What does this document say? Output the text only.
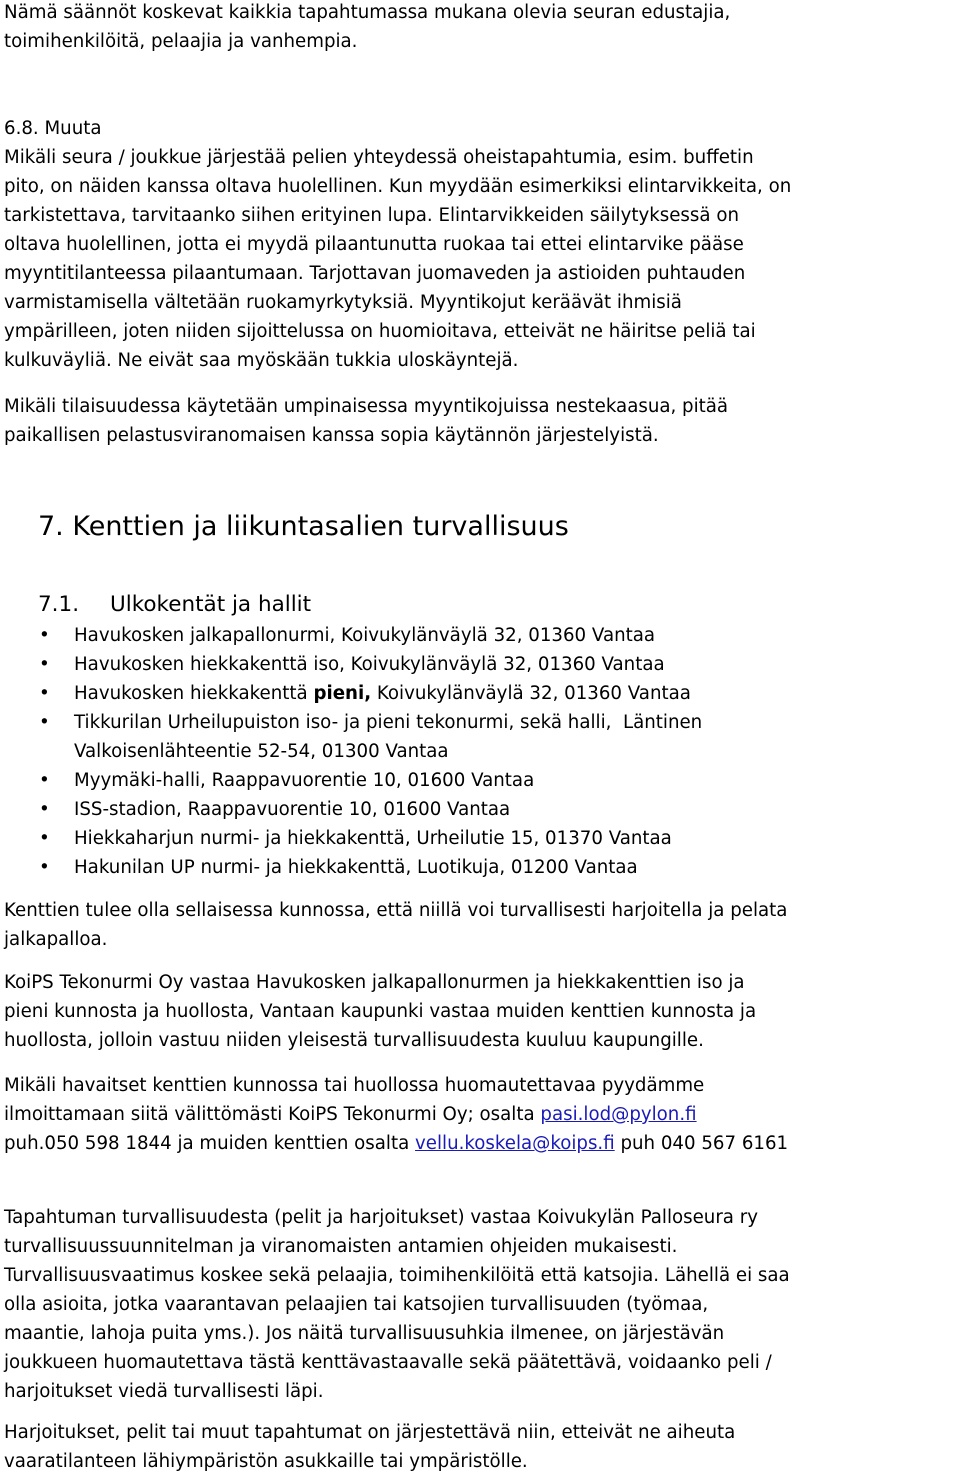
Nämä säännöt koskevat kaikkia tapahtumassa mukana olevia seuran edustajia,
toimihenkilöitä, pelaajia ja vanhempia.
6.8. Muuta
Mikäli seura / joukkue järjestää pelien yhteydessä oheistapahtumia, esim. buffetin
pito, on näiden kanssa oltava huolellinen. Kun myydään esimerkiksi elintarvikkeita, on
tarkistettava, tarvitaanko siihen erityinen lupa. Elintarvikkeiden säilytyksessä on
oltava huolellinen, jotta ei myydä pilaantunutta ruokaa tai ettei elintarvike pääse
myyntitilanteessa pilaantumaan. Tarjottavan juomaveden ja astioiden puhtauden
varmistamisella vältetään ruokamyrkytyksiä. Myyntikojut keräävät ihmisiä
ympärilleen, joten niiden sijoittelussa on huomioitava, etteivät ne häiritse peliä tai
kulkuväyliä. Ne eivät saa myöskään tukkia uloskäyntejä.
Mikäli tilaisuudessa käytetään umpinaisessa myyntikojuissa nestekaasua, pitää
paikallisen pelastusviranomaisen kanssa sopia käytännön järjestelyistä.
7. Kenttien ja liikuntasalien turvallisuus
7.1. Ulkokentät ja hallit
• Havukosken jalkapallonurmi, Koivukylänväylä 32, 01360 Vantaa
• Havukosken hiekkakenttä iso, Koivukylänväylä 32, 01360 Vantaa
• Havukosken hiekkakenttä pieni, Koivukylänväylä 32, 01360 Vantaa
• Tikkurilan Urheilupuiston iso- ja pieni tekonurmi, sekä halli,  Läntinen
Valkoisenlähteentie 52-54, 01300 Vantaa
• Myymäki-halli, Raappavuorentie 10, 01600 Vantaa
• ISS-stadion, Raappavuorentie 10, 01600 Vantaa
• Hiekkaharjun nurmi- ja hiekkakenttä, Urheilutie 15, 01370 Vantaa
• Hakunilan UP nurmi- ja hiekkakenttä, Luotikuja, 01200 Vantaa
Kenttien tulee olla sellaisessa kunnossa, että niillä voi turvallisesti harjoitella ja pelata
jalkapalloa.
KoiPS Tekonurmi Oy vastaa Havukosken jalkapallonurmen ja hiekkakenttien iso ja
pieni kunnosta ja huollosta, Vantaan kaupunki vastaa muiden kenttien kunnosta ja
huollosta, jolloin vastuu niiden yleisestä turvallisuudesta kuuluu kaupungille.
Mikäli havaitset kenttien kunnossa tai huollossa huomautettavaa pyydämme
ilmoittamaan siitä välittömästi KoiPS Tekonurmi Oy; osalta pasi.lod@pylon.fi
puh.050 598 1844 ja muiden kenttien osalta vellu.koskela@koips.fi puh 040 567 6161
Tapahtuman turvallisuudesta (pelit ja harjoitukset) vastaa Koivukylän Palloseura ry
turvallisuussuunnitelman ja viranomaisten antamien ohjeiden mukaisesti.
Turvallisuusvaatimus koskee sekä pelaajia, toimihenkilöitä että katsojia. Lähellä ei saa
olla asioita, jotka vaarantavan pelaajien tai katsojien turvallisuuden (työmaa,
maantie, lahoja puita yms.). Jos näitä turvallisuusuhkia ilmenee, on järjestävän
joukkueen huomautettava tästä kenttävastaavalle sekä päätettävä, voidaanko peli /
harjoitukset viedä turvallisesti läpi.
Harjoitukset, pelit tai muut tapahtumat on järjestettävä niin, etteivät ne aiheuta
vaaratilanteen lähiympäristön asukkaille tai ympäristölle.
